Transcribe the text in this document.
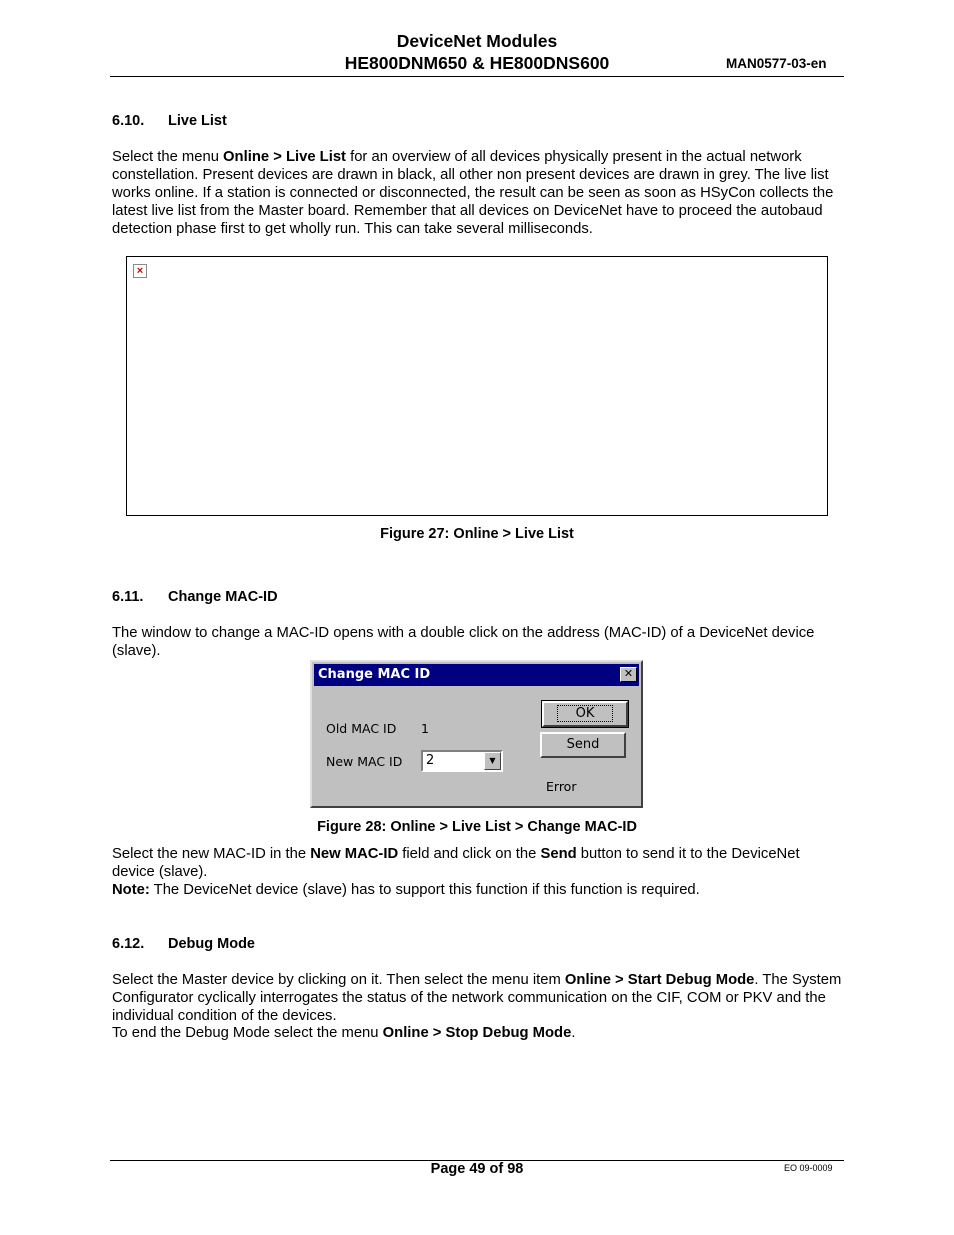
DeviceNet Modules
HE800DNM650 & HE800DNS600	MAN0577-03-en
6.10. Live List
Select the menu Online > Live List for an overview of all devices physically present in the actual network constellation. Present devices are drawn in black, all other non present devices are drawn in grey. The live list works online. If a station is connected or disconnected, the result can be seen as soon as HSyCon collects the latest live list from the Master board. Remember that all devices on DeviceNet have to proceed the autobaud detection phase first to get wholly run. This can take several milliseconds.
×
Figure 27: Online > Live List
6.11. Change MAC-ID
The window to change a MAC-ID opens with a double click on the address (MAC-ID) of a DeviceNet device (slave).
Change MAC ID	✕
Old MAC ID 1
New MAC ID 2	▼
OK
Send
Error
Figure 28: Online > Live List > Change MAC-ID
Select the new MAC-ID in the New MAC-ID field and click on the Send button to send it to the DeviceNet device (slave).
Note: The DeviceNet device (slave) has to support this function if this function is required.
6.12. Debug Mode
Select the Master device by clicking on it. Then select the menu item Online > Start Debug Mode. The System Configurator cyclically interrogates the status of the network communication on the CIF, COM or PKV and the individual condition of the devices.
To end the Debug Mode select the menu Online > Stop Debug Mode.
Page 49 of 98	EO 09-0009
